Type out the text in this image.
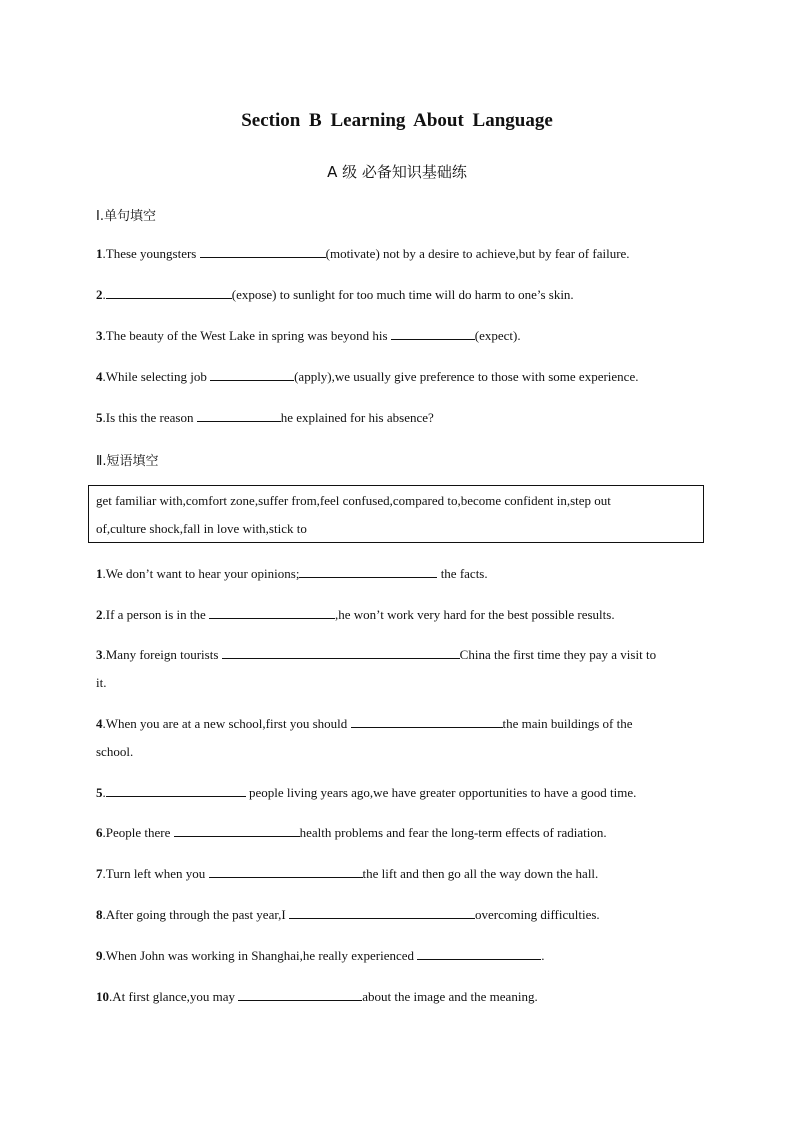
Section B Learning About Language
A 级 必备知识基础练
Ⅰ.单句填空
1.These youngsters	(motivate) not by a desire to achieve,but by fear of failure.
2.	(expose) to sunlight for too much time will do harm to one’s skin.
3.The beauty of the West Lake in spring was beyond his	(expect).
4.While selecting job	(apply),we usually give preference to those with some experience.
5.Is this the reason	he explained for his absence?
Ⅱ.短语填空
get familiar with,comfort zone,suffer from,feel confused,compared to,become confident in,step out
of,culture shock,fall in love with,stick to
1.We don’t want to hear your opinions;	the facts.
2.If a person is in the	,he won’t work very hard for the best possible results.
3.Many foreign tourists	China the first time they pay a visit to
it.
4.When you are at a new school,first you should	the main buildings of the
school.
5.	people living years ago,we have greater opportunities to have a good time.
6.People there	health problems and fear the long-term effects of radiation.
7.Turn left when you	the lift and then go all the way down the hall.
8.After going through the past year,I	overcoming difficulties.
9.When John was working in Shanghai,he really experienced	.
10.At first glance,you may	about the image and the meaning.
